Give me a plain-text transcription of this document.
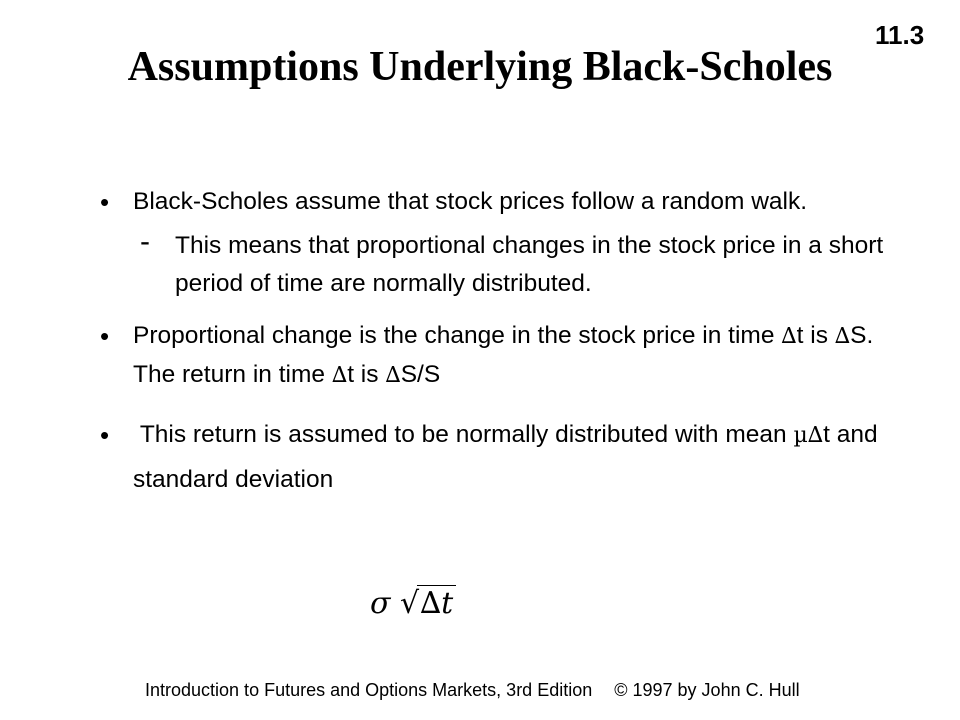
11.3
Assumptions Underlying Black-Scholes
• Black-Scholes assume that stock prices follow a random walk.
- This means that proportional changes in the stock price in a short period of time are normally distributed.
• Proportional change is the change in the stock price in time ∆t is ∆S. The return in time ∆t is ∆S/S
• This return is assumed to be normally distributed with mean µ∆t and standard deviation
σ √∆t
Introduction to Futures and Options Markets, 3rd Edition © 1997 by John C. Hull
